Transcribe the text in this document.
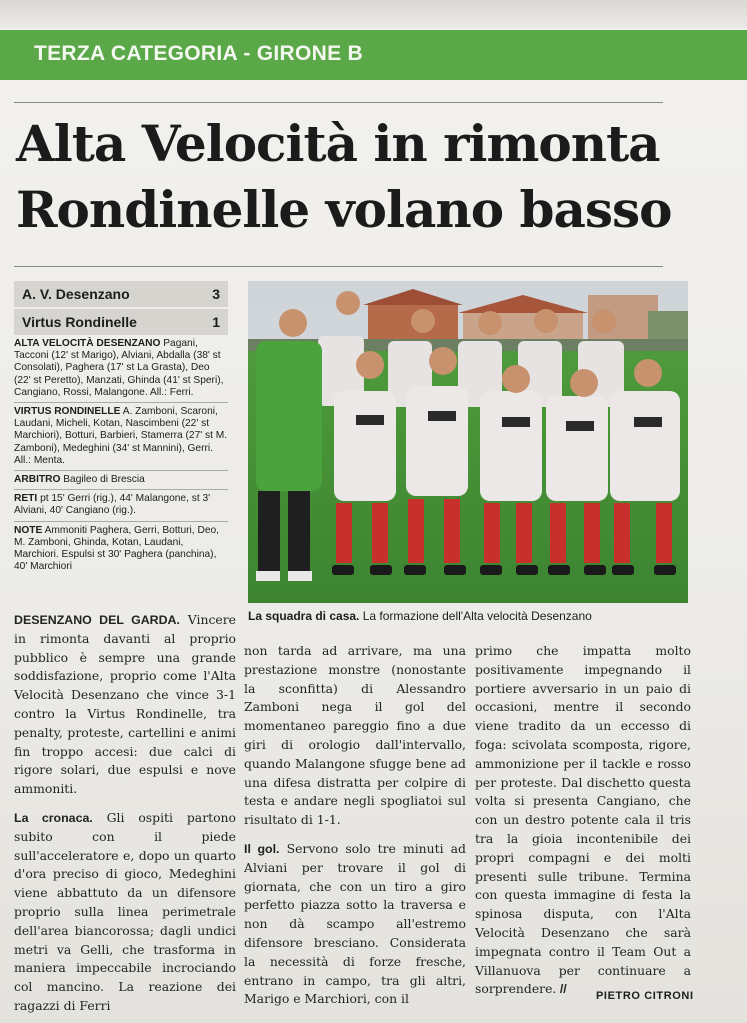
TERZA CATEGORIA - GIRONE B
Alta Velocità in rimonta
Rondinelle volano basso
A. V. Desenzano	3
Virtus Rondinelle	1

ALTA VELOCITÀ DESENZANO Pagani, Tacconi (12' st Marigo), Alviani, Abdalla (38' st Consolati), Paghera (17' st La Grasta), Deo (22' st Peretto), Manzati, Ghinda (41' st Speri), Cangiano, Rossi, Malangone. All.: Ferri.

VIRTUS RONDINELLE A. Zamboni, Scaroni, Laudani, Micheli, Kotan, Nascimbeni (22' st Marchiori), Botturi, Barbieri, Stamerra (27' st M. Zamboni), Medeghini (34' st Mannini), Gerri. All.: Menta.

ARBITRO Bagileo di Brescia

RETI pt 15' Gerri (rig.), 44' Malangone, st 3' Alviani, 40' Cangiano (rig.).

NOTE Ammoniti Paghera, Gerri, Botturi, Deo, M. Zamboni, Ghinda, Kotan, Laudani, Marchiori. Espulsi st 30' Paghera (panchina), 40' Marchiori

La squadra di casa. La formazione dell'Alta velocità Desenzano

DESENZANO DEL GARDA. Vincere in rimonta davanti al proprio pubblico è sempre una grande soddisfazione, proprio come l'Alta Velocità Desenzano che vince 3-1 contro la Virtus Rondinelle, tra penalty, proteste, cartellini e animi fin troppo accesi: due calci di rigore solari, due espulsi e nove ammoniti.

La cronaca. Gli ospiti partono subito con il piede sull'acceleratore e, dopo un quarto d'ora preciso di gioco, Medeghini viene abbattuto da un difensore proprio sulla linea perimetrale dell'area biancorossa; dagli undici metri va Gelli, che trasforma in maniera impeccabile incrociando col mancino. La reazione dei ragazzi di Ferri

non tarda ad arrivare, ma una prestazione monstre (nonostante la sconfitta) di Alessandro Zamboni nega il gol del momentaneo pareggio fino a due giri di orologio dall'intervallo, quando Malangone sfugge bene ad una difesa distratta per colpire di testa e andare negli spogliatoi sul risultato di 1-1.

Il gol. Servono solo tre minuti ad Alviani per trovare il gol di giornata, che con un tiro a giro perfetto piazza sotto la traversa e non dà scampo all'estremo difensore bresciano. Considerata la necessità di forze fresche, entrano in campo, tra gli altri, Marigo e Marchiori, con il

primo che impatta molto positivamente impegnando il portiere avversario in un paio di occasioni, mentre il secondo viene tradito da un eccesso di foga: scivolata scomposta, rigore, ammonizione per il tackle e rosso per proteste. Dal dischetto questa volta si presenta Cangiano, che con un destro potente cala il tris tra la gioia incontenibile dei propri compagni e dei molti presenti sulle tribune. Termina con questa immagine di festa la spinosa disputa, con l'Alta Velocità Desenzano che sarà impegnata contro il Team Out a Villanuova per continuare a sorprendere. //	PIETRO CITRONI
